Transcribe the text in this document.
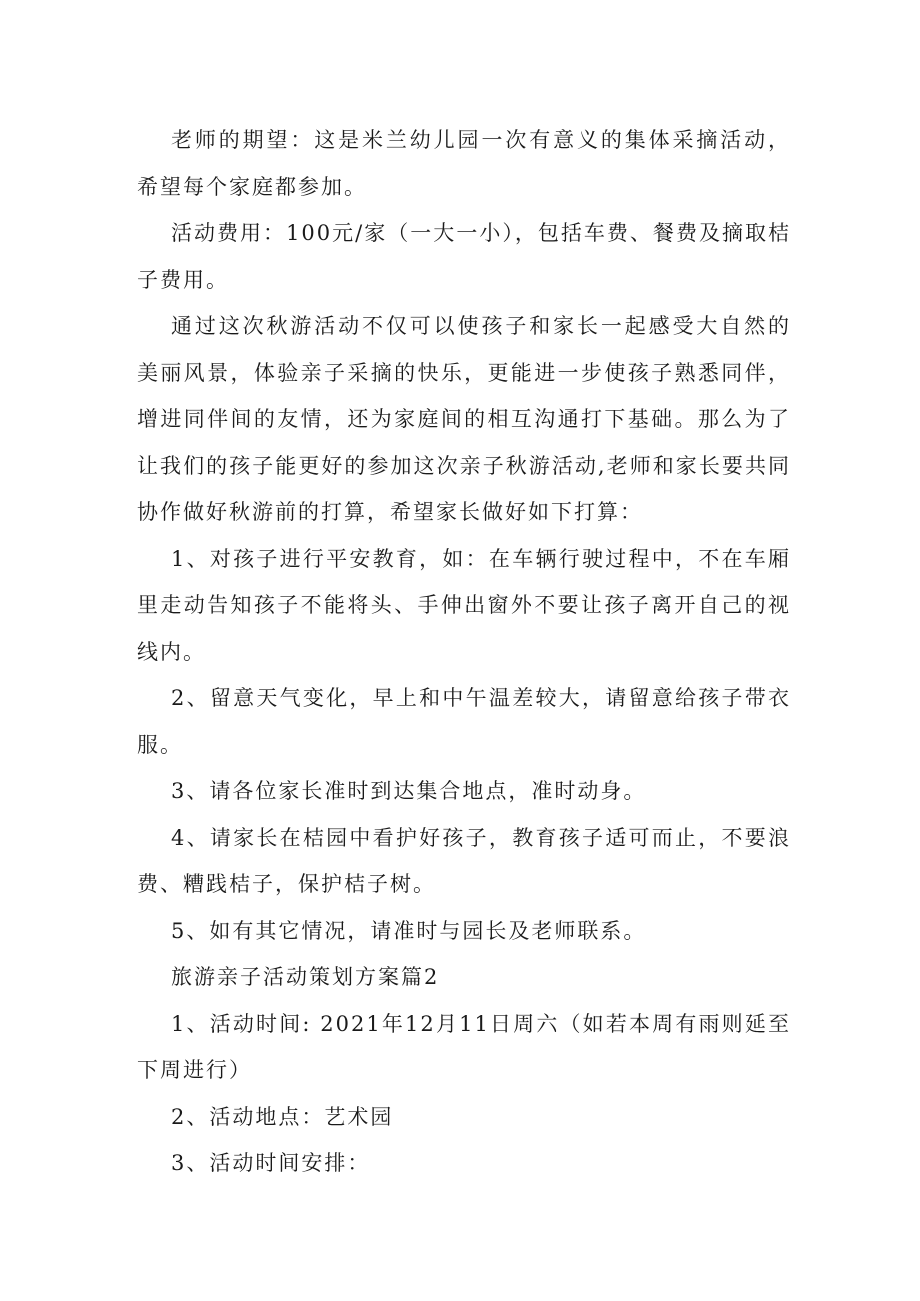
老师的期望：这是米兰幼儿园一次有意义的集体采摘活动，希望每个家庭都参加。

活动费用：100元/家（一大一小），包括车费、餐费及摘取桔子费用。

通过这次秋游活动不仅可以使孩子和家长一起感受大自然的美丽风景，体验亲子采摘的快乐，更能进一步使孩子熟悉同伴，增进同伴间的友情，还为家庭间的相互沟通打下基础。那么为了让我们的孩子能更好的参加这次亲子秋游活动,老师和家长要共同协作做好秋游前的打算，希望家长做好如下打算：

1、对孩子进行平安教育，如：在车辆行驶过程中，不在车厢里走动告知孩子不能将头、手伸出窗外不要让孩子离开自己的视线内。

2、留意天气变化，早上和中午温差较大，请留意给孩子带衣服。

3、请各位家长准时到达集合地点，准时动身。

4、请家长在桔园中看护好孩子，教育孩子适可而止，不要浪费、糟践桔子，保护桔子树。

5、如有其它情况，请准时与园长及老师联系。

旅游亲子活动策划方案篇2

1、活动时间: 2021年12月11日周六（如若本周有雨则延至下周进行）

2、活动地点：艺术园

3、活动时间安排：
